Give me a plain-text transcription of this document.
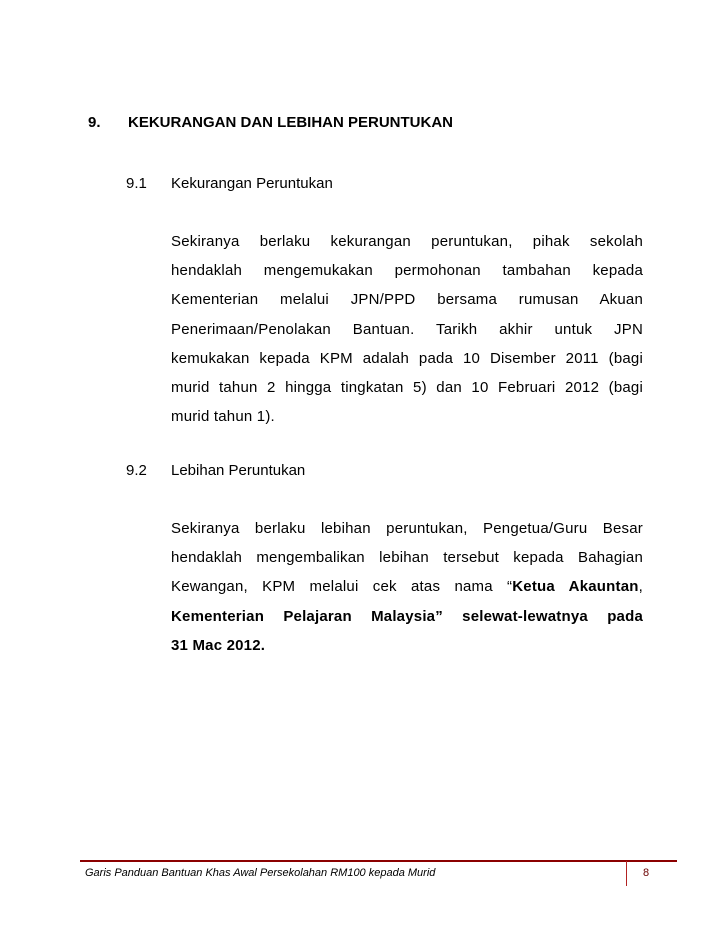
9. KEKURANGAN DAN LEBIHAN PERUNTUKAN
9.1 Kekurangan Peruntukan
Sekiranya berlaku kekurangan peruntukan, pihak sekolah
hendaklah mengemukakan permohonan tambahan kepada
Kementerian melalui JPN/PPD bersama rumusan Akuan
Penerimaan/Penolakan Bantuan. Tarikh akhir untuk JPN
kemukakan kepada KPM adalah pada 10 Disember 2011 (bagi
murid tahun 2 hingga tingkatan 5) dan 10 Februari 2012 (bagi
murid tahun 1).
9.2 Lebihan Peruntukan
Sekiranya berlaku lebihan peruntukan, Pengetua/Guru Besar
hendaklah mengembalikan lebihan tersebut kepada Bahagian
Kewangan, KPM melalui cek atas nama “Ketua Akauntan,
Kementerian Pelajaran Malaysia” selewat-lewatnya pada
31 Mac 2012.
Garis Panduan Bantuan Khas Awal Persekolahan RM100 kepada Murid	8
